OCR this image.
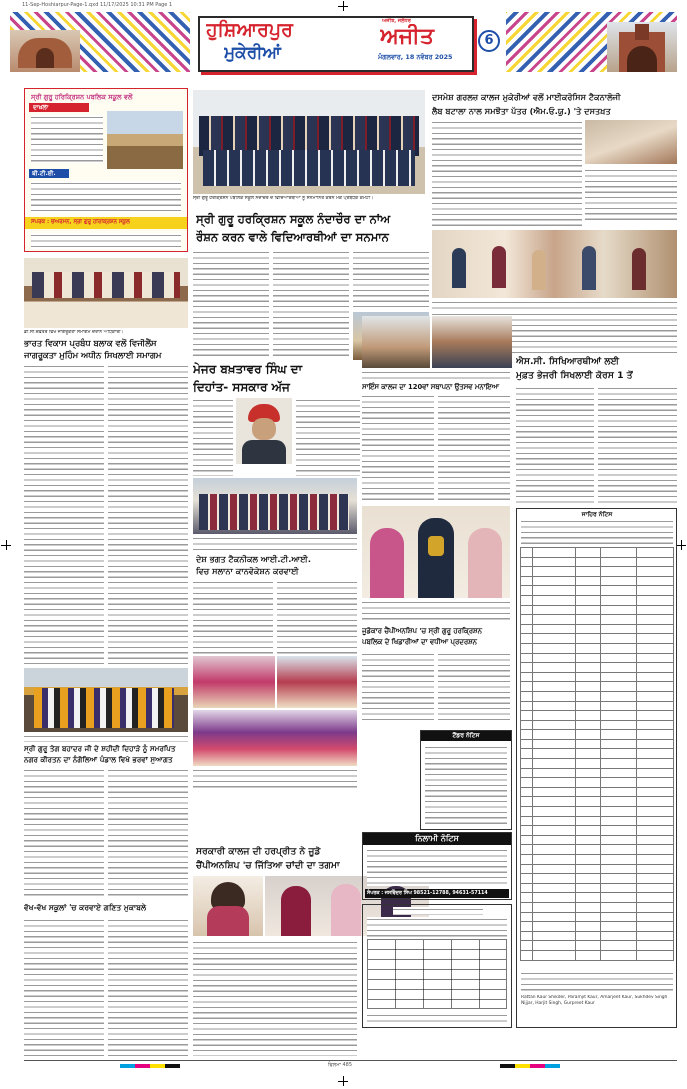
11-Sep-Hoshiarpur-Page-1.qxd 11/17/2025 10:31 PM Page 1
ਹੁਸ਼ਿਆਰਪੁਰ
ਮੁਕੇਰੀਆਂ
ਅਜੀਤ, ਜਲੰਧਰ
ਅਜੀਤ
ਮੰਗਲਵਾਰ, 18 ਨਵੰਬਰ 2025
6
ਸ੍ਰੀ ਗੁਰੂ ਹਰਿਕ੍ਰਿਸ਼ਨ ਪਬਲਿਕ ਸਕੂਲ ਵਲੋਂ
ਦਾਖ਼ਲਾ
ਬੀ.ਟੀ.ਈ.
ਸੰਪਰਕ : ਚੇਅਰਮੈਨ, ਸ੍ਰੀ ਗੁਰੂ ਹਰਿਕ੍ਰਿਸ਼ਨ ਸਕੂਲ
ਦਸਮੇਸ਼ ਗਰਲਜ਼ ਕਾਲਜ ਮੁਕੇਰੀਆਂ ਵਲੋਂ ਮਾਈਕਰੋਸਿਸ ਟੈਕਨਾਲੋਜੀ
ਲੈਬ ਬਟਾਲਾ ਨਾਲ ਸਮਝੌਤਾ ਪੱਤਰ (ਐਮ.ਓ.ਯੂ.) 'ਤੇ ਦਸਤਖ਼ਤ
ਸ੍ਰੀ ਗੁਰੂ ਹਰਕ੍ਰਿਸ਼ਨ ਪਬਲਿਕ ਸਕੂਲ ਨੰਦਾਚੌਰ ਦੇ ਵਿਦਿਆਰਥੀਆਂ ਨੂੰ ਸਨਮਾਨਿਤ ਕਰਨ ਮੌਕੇ ਪ੍ਰਬੰਧਕ ਕਮੇਟੀ।
ਸ੍ਰੀ ਗੁਰੂ ਹਰਕ੍ਰਿਸ਼ਨ ਸਕੂਲ ਨੰਦਾਚੌਰ ਦਾ ਨਾਂਅ
ਰੌਸ਼ਨ ਕਰਨ ਵਾਲੇ ਵਿਦਿਆਰਥੀਆਂ ਦਾ ਸਨਮਾਨ
ਡੀ.ਸੀ.ਦਫ਼ਤਰ ਵਿਖੇ ਜਾਗਰੂਕਤਾ ਸਮਾਗਮ ਦੌਰਾਨ ਅਧਿਕਾਰੀ।
ਭਾਰਤ ਵਿਕਾਸ ਪ੍ਰਬੰਧ ਬਲਾਕ ਵਲੋਂ ਵਿਜੀਲੈਂਸ
ਜਾਗਰੂਕਤਾ ਮੁਹਿੰਮ ਅਧੀਨ ਸਿਖਲਾਈ ਸਮਾਗਮ
ਸ੍ਰੀ ਗੁਰੂ ਤੇਗ ਬਹਾਦਰ ਜੀ ਦੇ ਸ਼ਹੀਦੀ ਦਿਹਾੜੇ ਨੂੰ ਸਮਰਪਿਤ
ਨਗਰ ਕੀਰਤਨ ਦਾ ਨੰਗੋਲਿਆਂ ਪੰਡਾਲ ਵਿਖੇ ਭਰਵਾਂ ਸੁਆਗਤ
ਵੱਖ-ਵੱਖ ਸਕੂਲਾਂ 'ਚ ਕਰਵਾਏ ਗਣਿਤ ਮੁਕਾਬਲੇ
ਮੇਜਰ ਬਖ਼ਤਾਵਰ ਸਿੰਘ ਦਾ
ਦਿਹਾਂਤ- ਸਸਕਾਰ ਅੱਜ
ਦੇਸ਼ ਭਗਤ ਟੈਕਨੀਕਲ ਆਈ.ਟੀ.ਆਈ.
ਵਿਚ ਸਲਾਨਾ ਕਾਨਵੋਕੇਸ਼ਨ ਕਰਵਾਈ
ਸਰਕਾਰੀ ਕਾਲਜ ਦੀ ਹਰਪ੍ਰੀਤ ਨੇ ਜੂਡੋ
ਚੈਂਪੀਅਨਸ਼ਿਪ 'ਚ ਜਿੱਤਿਆ ਚਾਂਦੀ ਦਾ ਤਗਮਾ
ਸਾਇੰਸ ਕਾਲਜ ਦਾ 120ਵਾਂ ਸਥਾਪਨਾ ਉਤਸਵ ਮਨਾਇਆ
ਐਸ.ਸੀ. ਸਿਖਿਆਰਥੀਆਂ ਲਈ
ਮੁਫ਼ਤ ਭੇਜਰੀ ਸਿਖਲਾਈ ਕੋਰਸ 1 ਤੋਂ
ਜੂਡੋਕਾਰ ਚੈਂਪੀਅਨਸ਼ਿਪ 'ਚ ਸ੍ਰੀ ਗੁਰੂ ਹਰਕ੍ਰਿਸ਼ਨ
ਪਬਲਿਕ ਦੇ ਖਿਡਾਰੀਆਂ ਦਾ ਵਧੀਆ ਪ੍ਰਦਰਸ਼ਨ
ਟੈਂਡਰ ਨੋਟਿਸ
ਜਾਹਿਰ ਨੋਟਿਸ

Rattan Kaur Shikder, Paramjit Kaur, Amarjeet Kaur, Sukhdev Singh Nijjar, Harjit Singh, Gurpreet Kaur
ਨਿਲਾਮੀ ਨੋਟਿਸ
ਸੰਪਰਕ : ਜਸਵਿੰਦਰ ਸਿੰਘ 98521-12788, 94631-57114
ਫਿਲਮਾ 485
